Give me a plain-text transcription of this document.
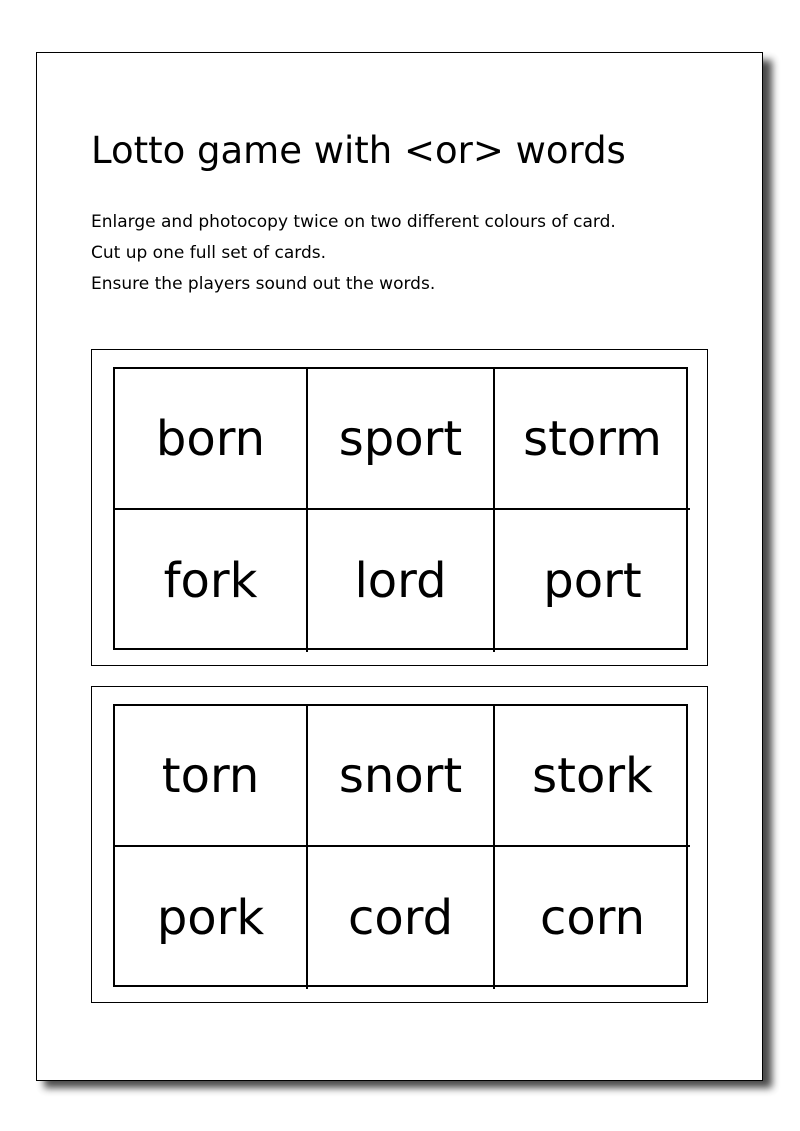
Lotto game with <or> words
Enlarge and photocopy twice on two different colours of card.
Cut up one full set of cards.
Ensure the players sound out the words.
born	sport	storm
fork	lord	port
torn	snort	stork
pork	cord	corn
